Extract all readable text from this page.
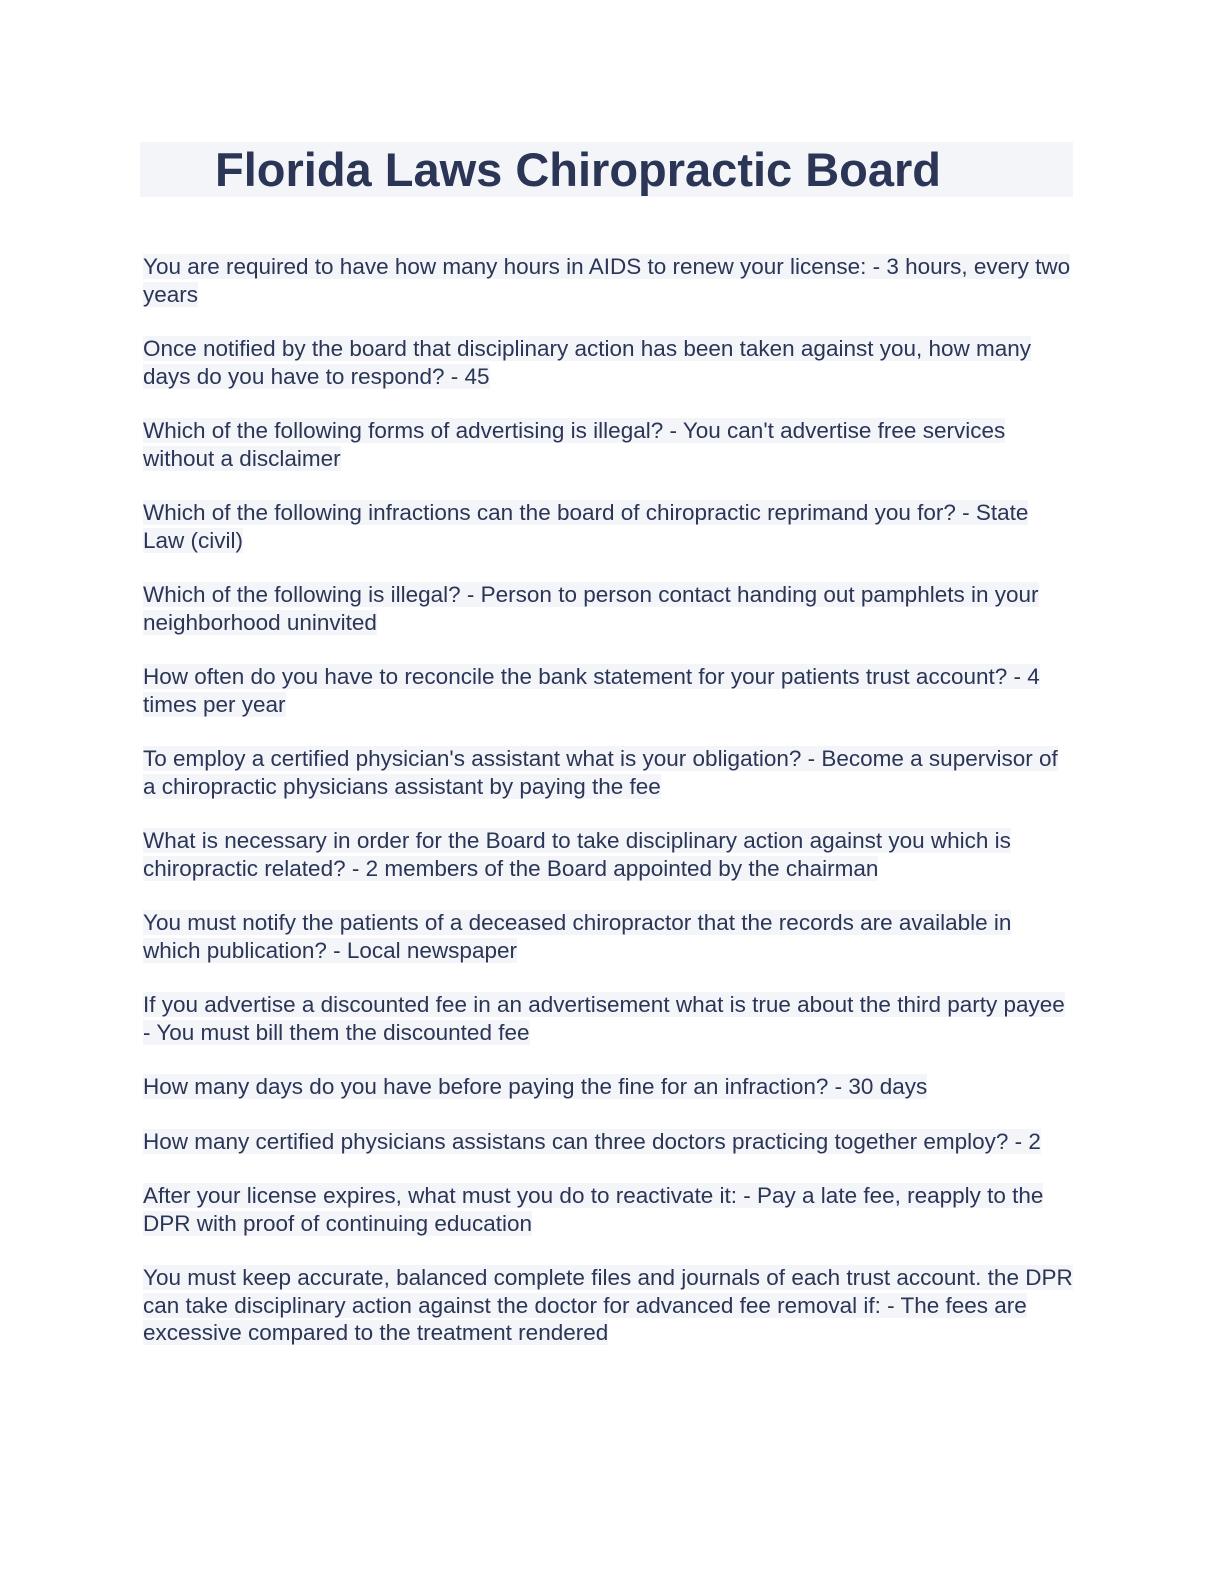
Florida Laws Chiropractic Board
You are required to have how many hours in AIDS to renew your license: - 3 hours, every two years
Once notified by the board that disciplinary action has been taken against you, how many days do you have to respond? - 45
Which of the following forms of advertising is illegal? - You can't advertise free services without a disclaimer
Which of the following infractions can the board of chiropractic reprimand you for? - State Law (civil)
Which of the following is illegal? - Person to person contact handing out pamphlets in your neighborhood uninvited
How often do you have to reconcile the bank statement for your patients trust account? - 4 times per year
To employ a certified physician's assistant what is your obligation? - Become a supervisor of a chiropractic physicians assistant by paying the fee
What is necessary in order for the Board to take disciplinary action against you which is chiropractic related? - 2 members of the Board appointed by the chairman
You must notify the patients of a deceased chiropractor that the records are available in which publication? - Local newspaper
If you advertise a discounted fee in an advertisement what is true about the third party payee - You must bill them the discounted fee
How many days do you have before paying the fine for an infraction? - 30 days
How many certified physicians assistans can three doctors practicing together employ? - 2
After your license expires, what must you do to reactivate it: - Pay a late fee, reapply to the DPR with proof of continuing education
You must keep accurate, balanced complete files and journals of each trust account. the DPR can take disciplinary action against the doctor for advanced fee removal if: - The fees are excessive compared to the treatment rendered
